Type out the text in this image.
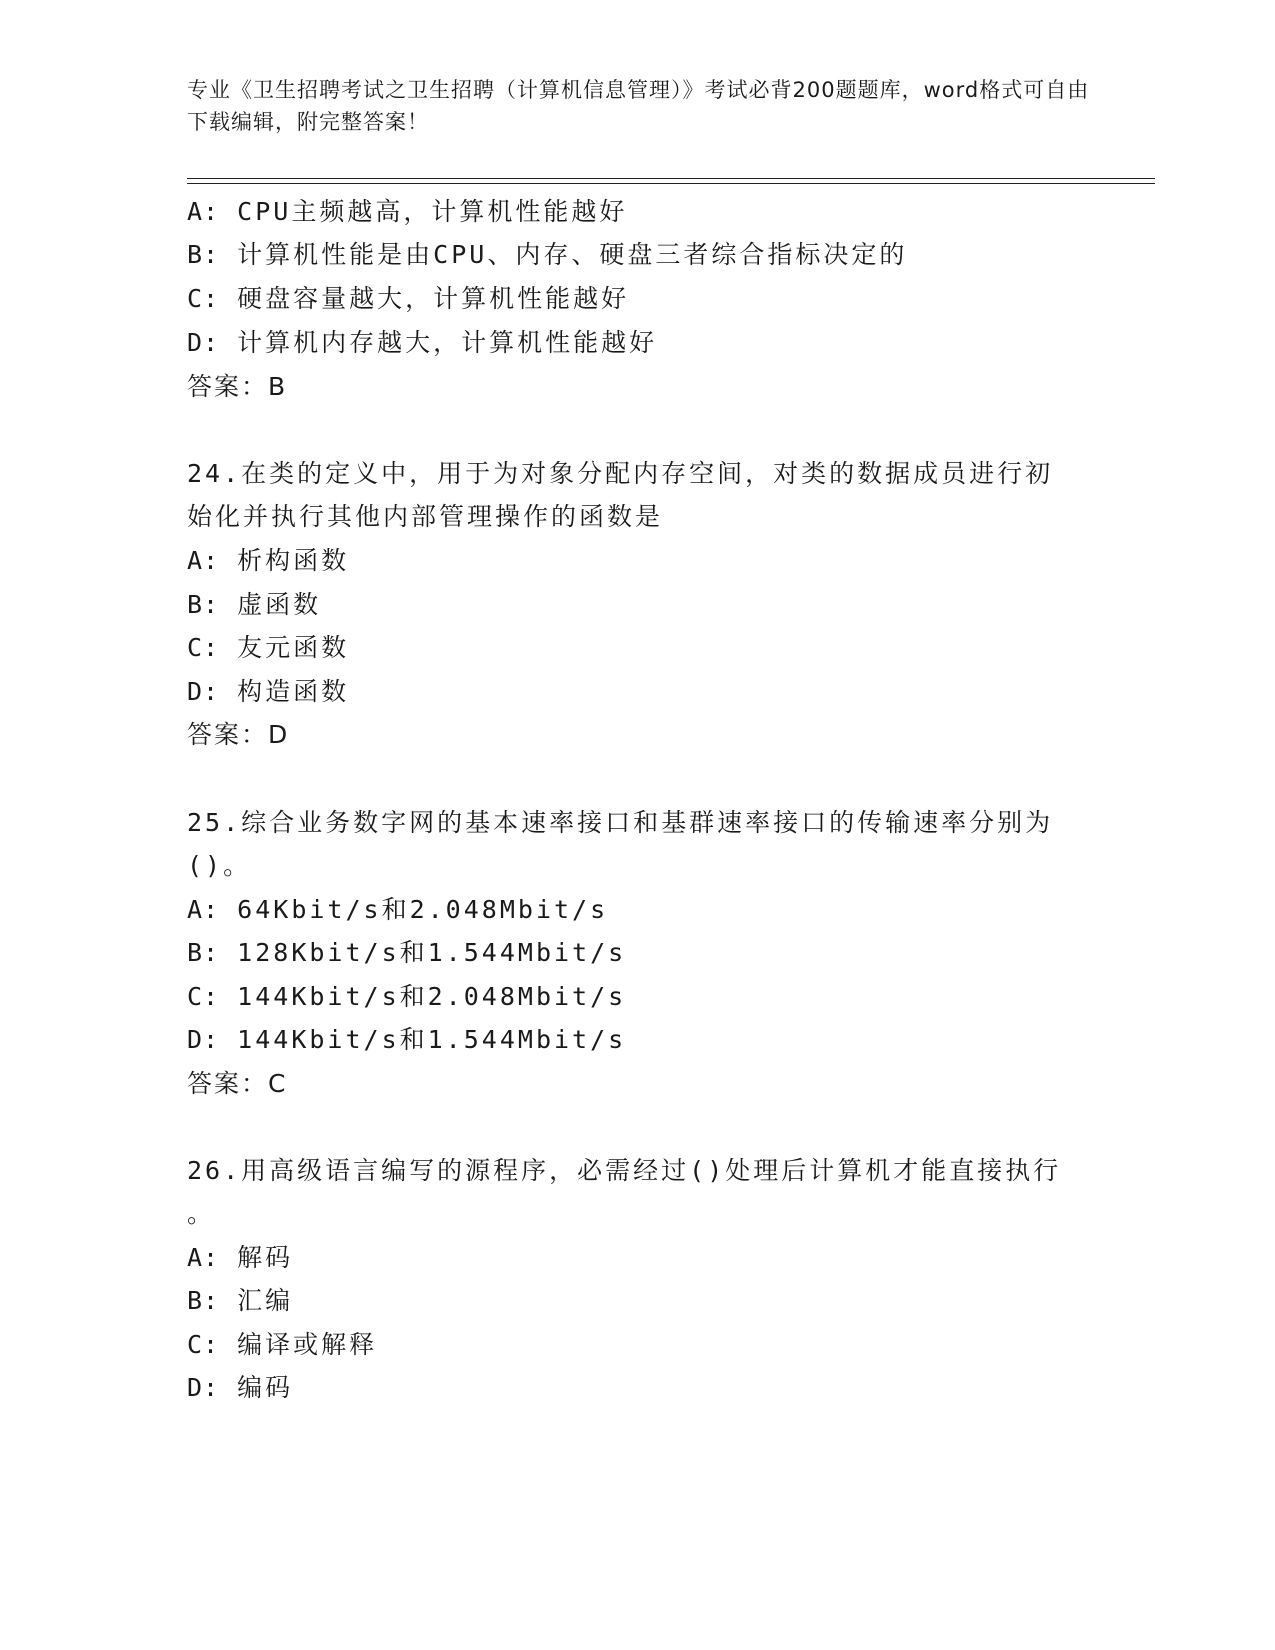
专业《卫生招聘考试之卫生招聘（计算机信息管理）》考试必背200题题库，word格式可自由下载编辑，附完整答案！
A: CPU主频越高，计算机性能越好
B: 计算机性能是由CPU、内存、硬盘三者综合指标决定的
C: 硬盘容量越大，计算机性能越好
D: 计算机内存越大，计算机性能越好
答案：B
24.在类的定义中，用于为对象分配内存空间，对类的数据成员进行初
始化并执行其他内部管理操作的函数是
A: 析构函数
B: 虚函数
C: 友元函数
D: 构造函数
答案：D
25.综合业务数字网的基本速率接口和基群速率接口的传输速率分别为
()。
A: 64Kbit/s和2.048Mbit/s
B: 128Kbit/s和1.544Mbit/s
C: 144Kbit/s和2.048Mbit/s
D: 144Kbit/s和1.544Mbit/s
答案：C
26.用高级语言编写的源程序，必需经过()处理后计算机才能直接执行
。
A: 解码
B: 汇编
C: 编译或解释
D: 编码
